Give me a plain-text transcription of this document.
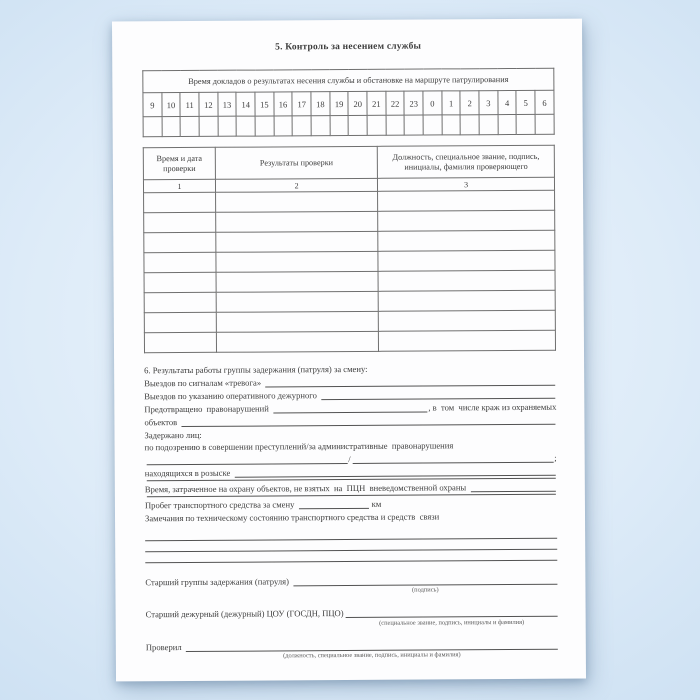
5. Контроль за несением службы
Время докладов о результатах несения службы и обстановке на маршруте патрулирования																					
9	10	11	12	13	14	15	16	17	18	19	20	21	22	23	0	1	2	3	4	5	6

Время и дата проверки	Результаты проверки	Должность, специальное звание, подпись, инициалы, фамилия проверяющего
1	2	3

6. Результаты работы группы задержания (патруля) за смену:
Выездов по сигналам «тревога»
Выездов по указанию оперативного дежурного
Предотвращено  правонарушений	, в  том  числе краж из охраняемых
объектов
Задержано лиц:
по подозрению в совершении преступлений/за административные  правонарушения
/	;
находящихся в розыске
Время, затраченное на охрану объектов, не взятых  на  ПЦН  вневедомственной охраны
Пробег транспортного средства за смену	км
Замечания по техническому состоянию транспортного средства и средств  связи
Старший группы задержания (патруля)
(подпись)
Старший дежурный (дежурный) ЦОУ (ГОСДН, ПЦО)
(специальное звание, подпись, инициалы и фамилия)
Проверил
(должность, специальное звание, подпись, инициалы и фамилия)
